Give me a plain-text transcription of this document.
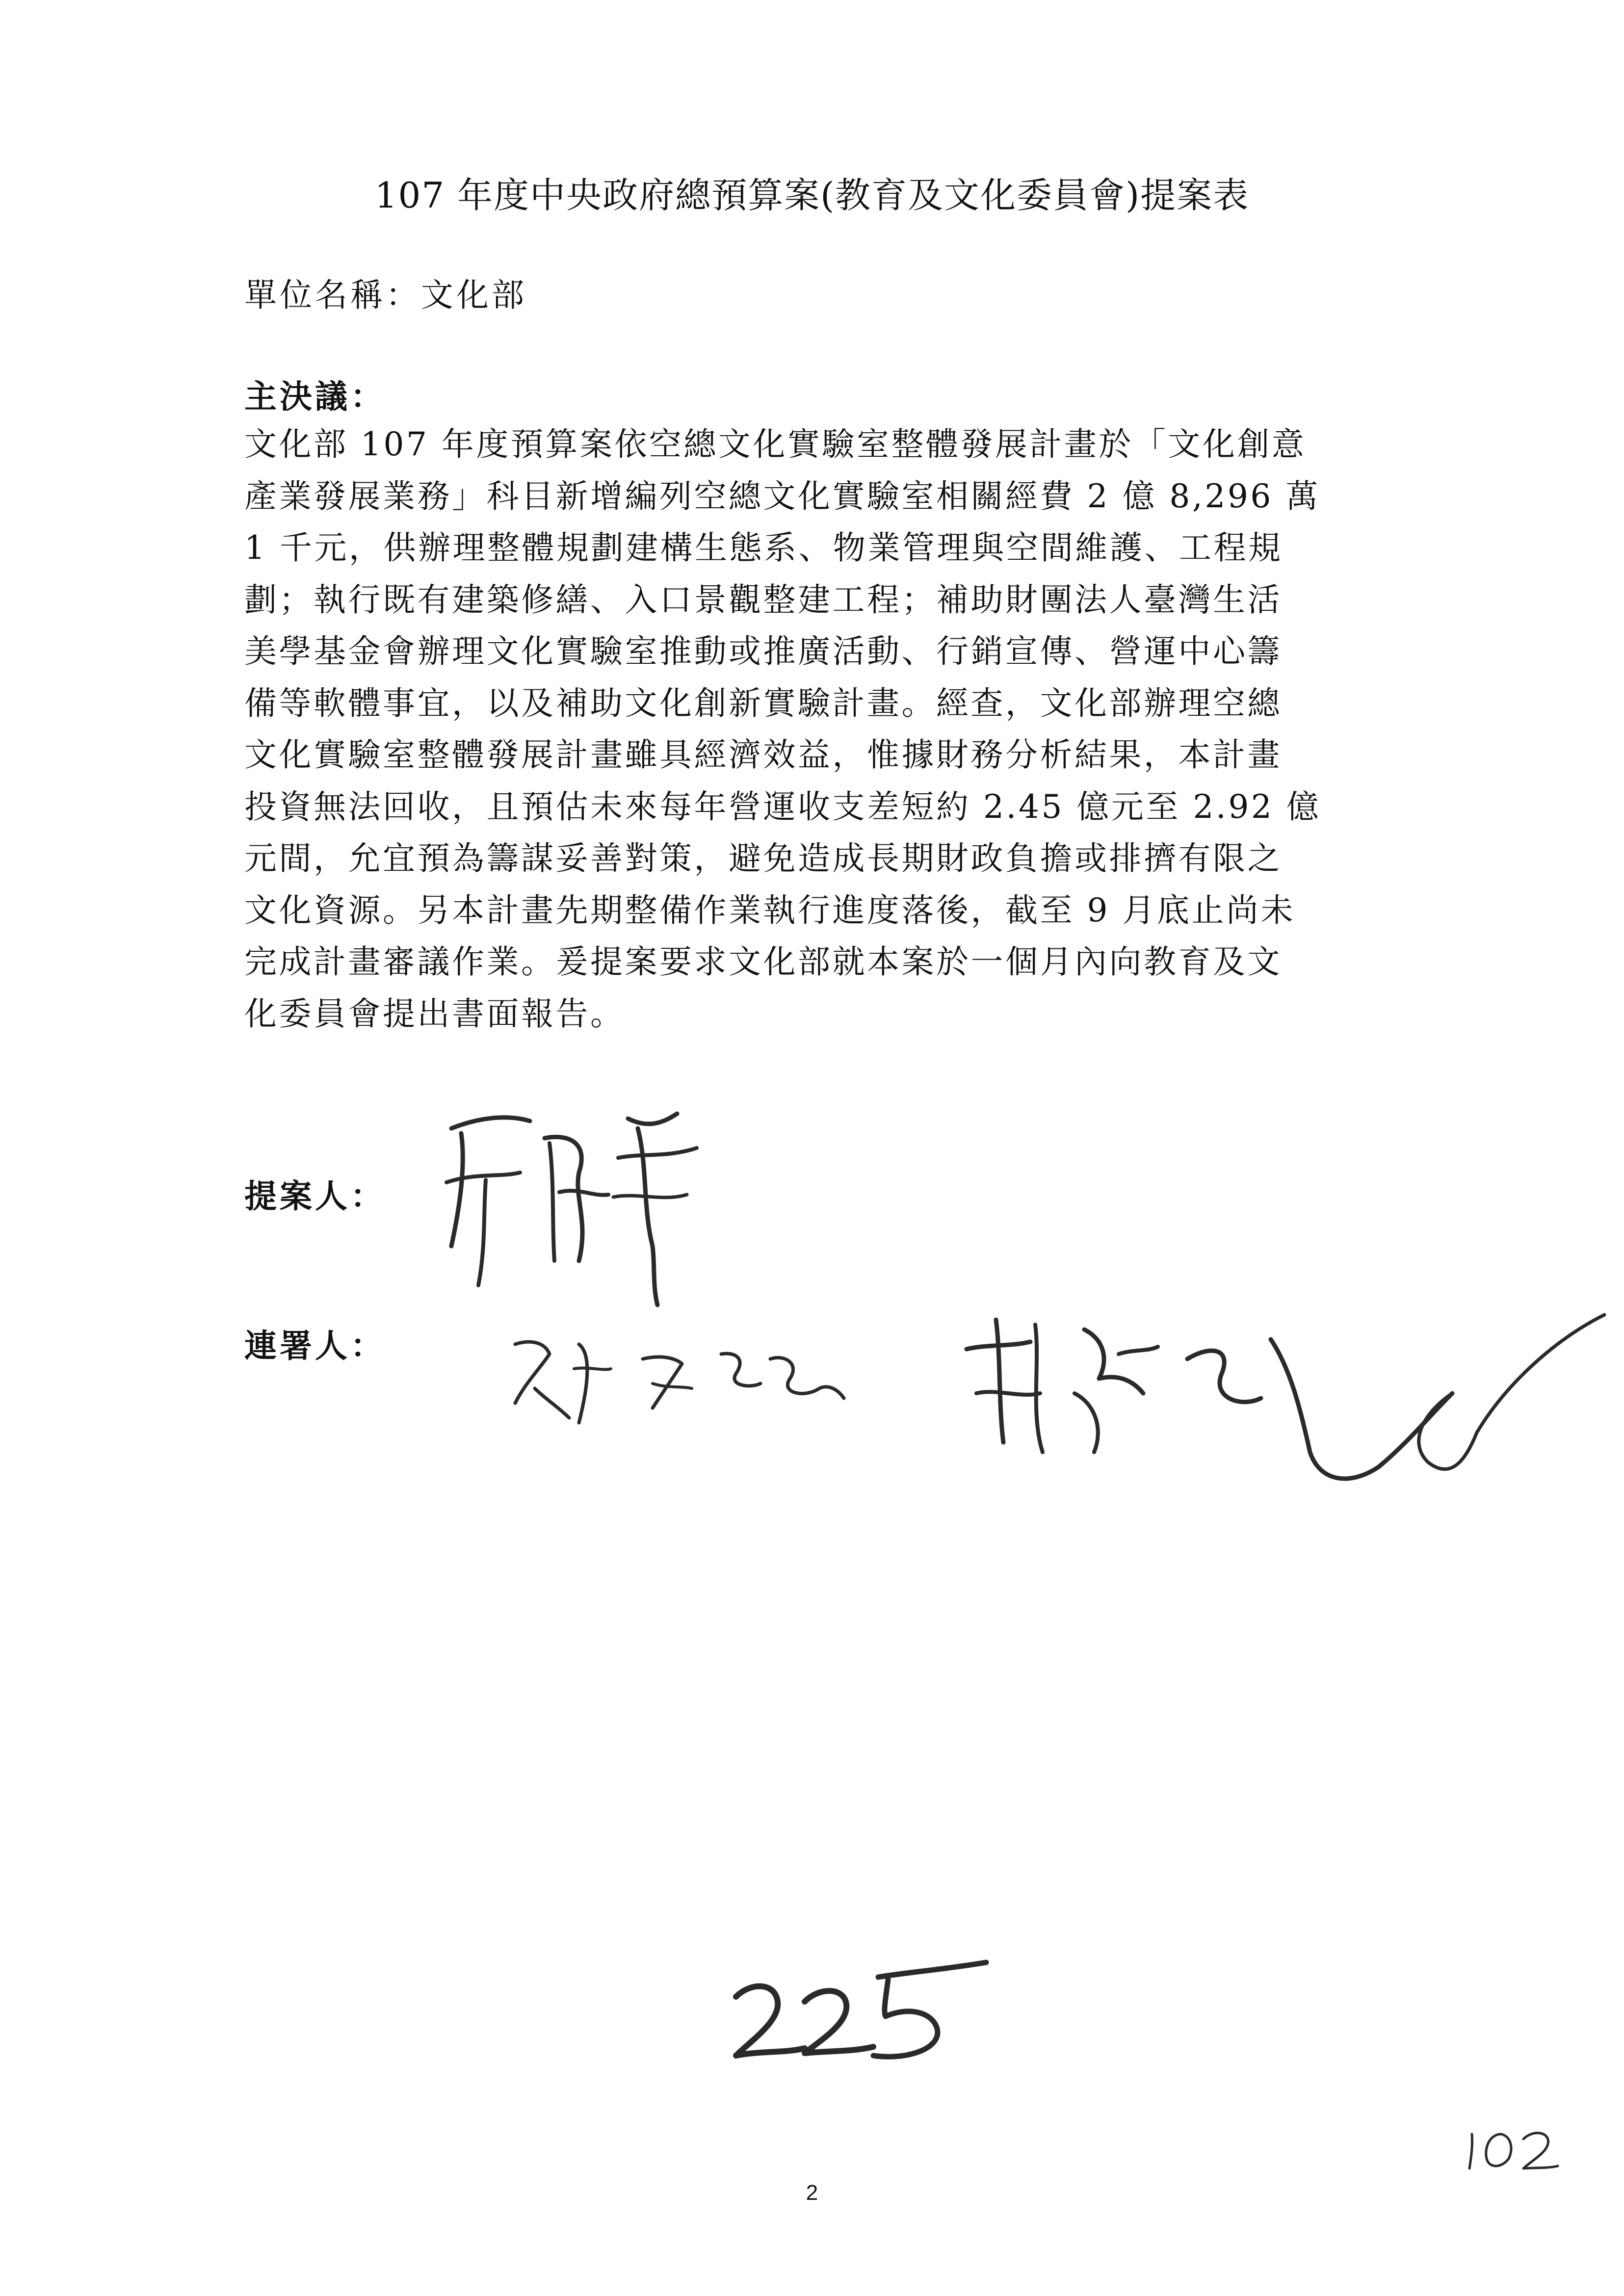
107 年度中央政府總預算案(教育及文化委員會)提案表
單位名稱：文化部
主決議：
文化部 107 年度預算案依空總文化實驗室整體發展計畫於「文化創意
產業發展業務」科目新增編列空總文化實驗室相關經費 2 億 8,296 萬
1 千元，供辦理整體規劃建構生態系、物業管理與空間維護、工程規
劃；執行既有建築修繕、入口景觀整建工程；補助財團法人臺灣生活
美學基金會辦理文化實驗室推動或推廣活動、行銷宣傳、營運中心籌
備等軟體事宜，以及補助文化創新實驗計畫。經查，文化部辦理空總
文化實驗室整體發展計畫雖具經濟效益，惟據財務分析結果，本計畫
投資無法回收，且預估未來每年營運收支差短約 2.45 億元至 2.92 億
元間，允宜預為籌謀妥善對策，避免造成長期財政負擔或排擠有限之
文化資源。另本計畫先期整備作業執行進度落後，截至 9 月底止尚未
完成計畫審議作業。爰提案要求文化部就本案於一個月內向教育及文
化委員會提出書面報告。
提案人：
連署人：
2
